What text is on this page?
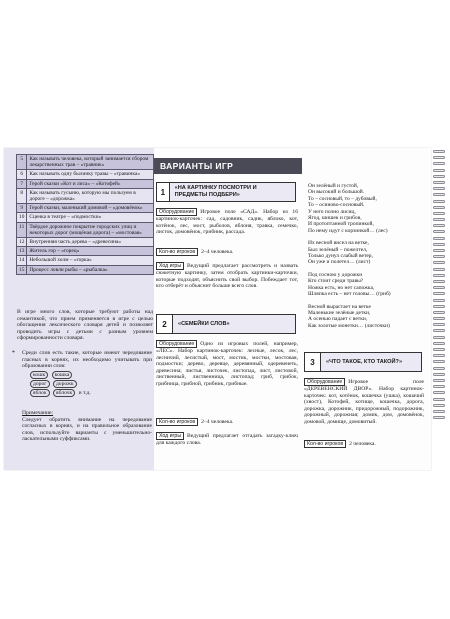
5	Как называть человека, который занимается сбором лекарственных трав – «травник»
6	Как называть одну былинку травы – «травинка»
7	Герой сказки «Кот и лиса» – «Котофей»
8	Как называть гусыню, которую мы пользуем в дороге – «дорожка»
9	Герой сказки, маленький домовой – «домовёнок»
10	Сценка в театре – «подмостки»
11	Твёрдое дорожное покрытие городских улиц и некоторых дорог (мощёная дорога) – «мостовая»
12	Внутренняя часть дерева – «древесина»
13	Житель гор – «горец»
14	Небольшой холм – «горка»
15	Процесс ловли рыбы – «рыбалка»

В игре много слов, которые требуют работы над семантикой, что прием применяется в игре с целью обогащения лексического словаря детей и позволяет проводить игры с детьми с разным уровнем сформированности словаря.

* Среди слов есть такие, которые имеют чередование гласных в корнях, их необходимо учитывать при образовании слов:
кошк кошка
дорог дорожк
яблок яблочк и т.д.
Примечание:
Следует обратить внимание на чередование согласных в корнях, и на правильное образование слов, используйте варианты с уменьшительно-ласкательными суффиксами.
ВАРИАНТЫ ИГР
1	«НА КАРТИНКУ ПОСМОТРИ И ПРЕДМЕТЫ ПОДБЕРИ»
Оборудование Игровое поле «САД». Набор из 16 картинок-карточек: сад, садовник, садик, яблоко, кот, котёнок, лес, мост, рыболов, яблоня, травка, семечко, листок, домовёнок, грибник, рассада.
Кол-во игроков 2–4 человека.
Ход игры Ведущий предлагает рассмотреть и назвать сюжетную картинку, затем отобрать картинки-карточки, которые подходят, объяснить свой выбор. Побеждает тот, кто отберёт и объяснит больше всего слов.
2	«СЕМЕЙКИ СЛОВ»
Оборудование Одно из игровых полей, например, «ЛЕС». Набор картинок-карточек: лесные, лесок, лес, лесничий, лесистый, мост, мостик, мостки, мостовая, подмостки; дерево, деревце, деревянный, одеревенеть, древесина; листья, листочек, листопад, лист, листовой, лиственный, лиственница, листопад; гриб, грибок, грибница, грибной, грибник, грибные.
Кол-во игроков 2–4 человека.
Ход игры Ведущий предлагает отгадать загадку-ключ для каждого слова.
Он зелёный и густой,
Он высокий и большой.
То – сосновый, то – дубовый,
То – осиново-сосновый.
У него полно лисиц,
Ягод, шишек и грибов,
И протоптанной тропинкой,
По нему идут с корзинкой… (лес)
Их весной висел на ветке,
Был зелёный – пожелтел,
Только дунул слабый ветер,
Он уже и полетел… (лист)
Под сосною у дорожки
Кто стоит среди травы?
Ножка есть, но нет сапожка,
Шляпка есть – нет головы… (гриб)
Весной вырастает на ветке
Маленькие зелёные детки,
А осенью падает с ветки,
Как золотые монетки… (листочки)
3	«ЧТО ТАКОЕ, КТО ТАКОЙ?»
Оборудование Игровое поле «ДЕРЕВЕНСКИЙ ДВОР». Набор картинок-карточек: кот, котёнок, кошечка (ушка), кошачий (хвост), Котофей, котище, кошечка, дорога, дорожка, дорожник, придорожный, подорожник, дорожный, дорожная; домик, дом, домовёнок, домовой, домище, домовитый.
Кол-во игроков 2 человека.
